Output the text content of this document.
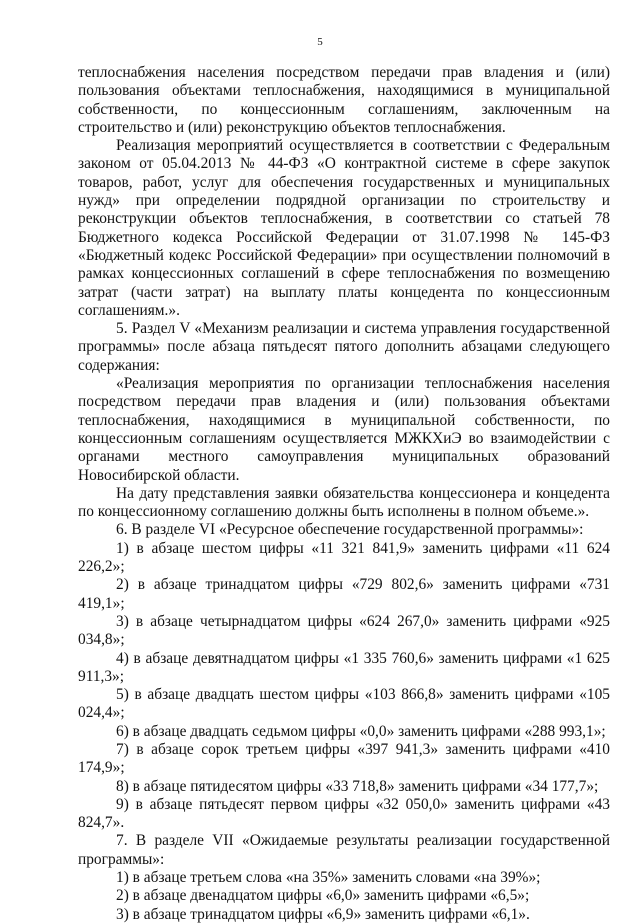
5

теплоснабжения населения посредством передачи прав владения и (или) пользования объектами теплоснабжения, находящимися в муниципальной собственности, по концессионным соглашениям, заключенным на строительство и (или) реконструкцию объектов теплоснабжения.

Реализация мероприятий осуществляется в соответствии с Федеральным законом от 05.04.2013 № 44-ФЗ «О контрактной системе в сфере закупок товаров, работ, услуг для обеспечения государственных и муниципальных нужд» при определении подрядной организации по строительству и реконструкции объектов теплоснабжения, в соответствии со статьей 78 Бюджетного кодекса Российской Федерации от 31.07.1998 № 145-ФЗ «Бюджетный кодекс Российской Федерации» при осуществлении полномочий в рамках концессионных соглашений в сфере теплоснабжения по возмещению затрат (части затрат) на выплату платы концедента по концессионным соглашениям.».

5. Раздел V «Механизм реализации и система управления государственной программы» после абзаца пятьдесят пятого дополнить абзацами следующего содержания:

«Реализация мероприятия по организации теплоснабжения населения посредством передачи прав владения и (или) пользования объектами теплоснабжения, находящимися в муниципальной собственности, по концессионным соглашениям осуществляется МЖКХиЭ во взаимодействии с органами местного самоуправления муниципальных образований Новосибирской области.

На дату представления заявки обязательства концессионера и концедента по концессионному соглашению должны быть исполнены в полном объеме.».

6. В разделе VI «Ресурсное обеспечение государственной программы»:

1) в абзаце шестом цифры «11 321 841,9» заменить цифрами «11 624 226,2»;

2) в абзаце тринадцатом цифры «729 802,6» заменить цифрами «731 419,1»;

3) в абзаце четырнадцатом цифры «624 267,0» заменить цифрами «925 034,8»;

4) в абзаце девятнадцатом цифры «1 335 760,6» заменить цифрами «1 625 911,3»;

5) в абзаце двадцать шестом цифры «103 866,8» заменить цифрами «105 024,4»;

6) в абзаце двадцать седьмом цифры «0,0» заменить цифрами «288 993,1»;

7) в абзаце сорок третьем цифры «397 941,3» заменить цифрами «410 174,9»;

8) в абзаце пятидесятом цифры «33 718,8» заменить цифрами «34 177,7»;

9) в абзаце пятьдесят первом цифры «32 050,0» заменить цифрами «43 824,7».

7. В разделе VII «Ожидаемые результаты реализации государственной программы»:

1) в абзаце третьем слова «на 35%» заменить словами «на 39%»;

2) в абзаце двенадцатом цифры «6,0» заменить цифрами «6,5»;

3) в абзаце тринадцатом цифры «6,9» заменить цифрами «6,1».
